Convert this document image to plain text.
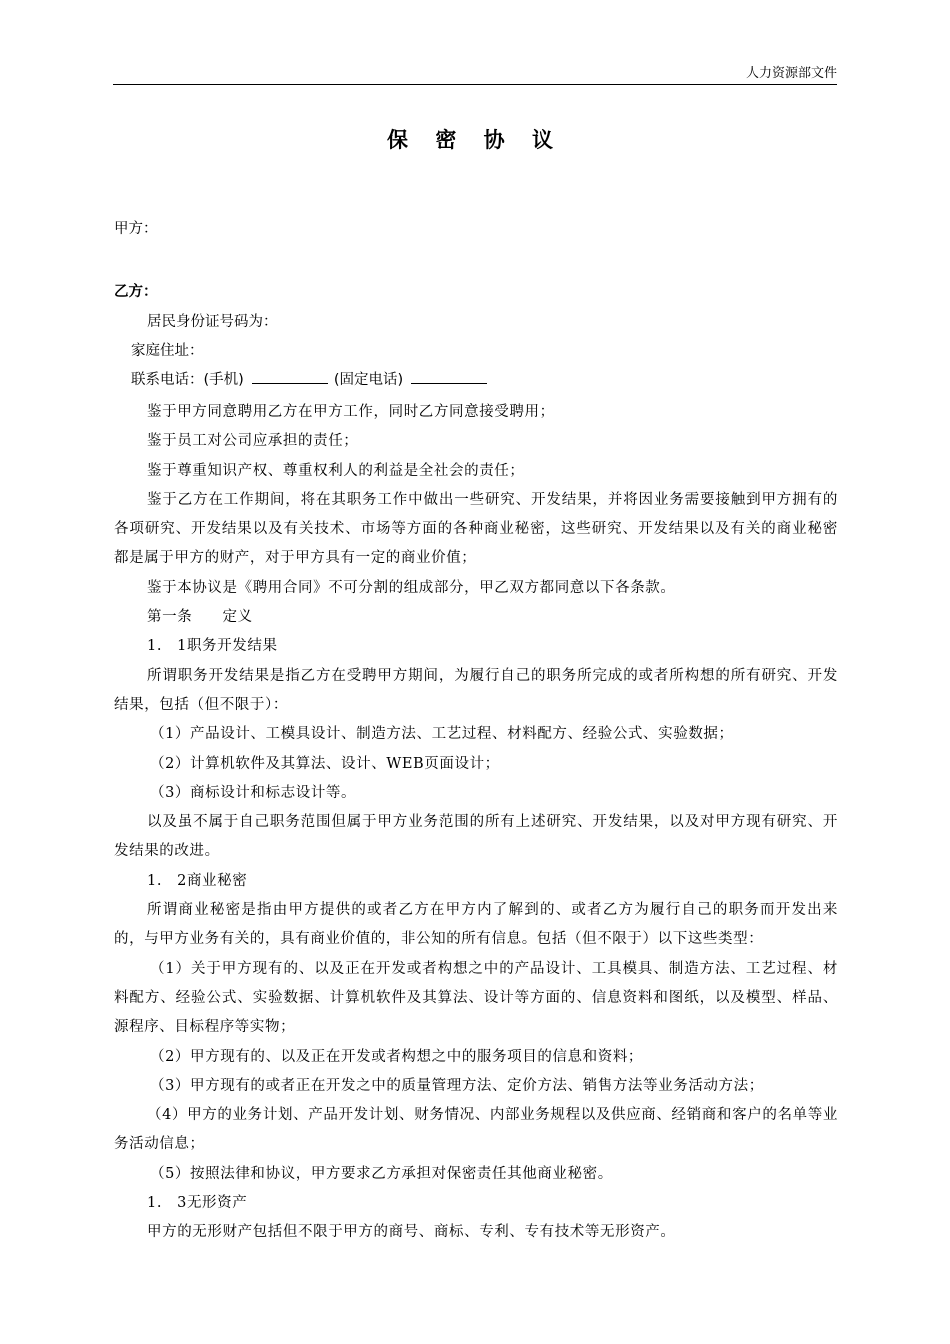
人力资源部文件
保 密 协 议
甲方：
乙方：
居民身份证号码为：
家庭住址：
联系电话：(手机)	(固定电话)

鉴于甲方同意聘用乙方在甲方工作，同时乙方同意接受聘用；

鉴于员工对公司应承担的责任；

鉴于尊重知识产权、尊重权利人的利益是全社会的责任；

鉴于乙方在工作期间，将在其职务工作中做出一些研究、开发结果，并将因业务需要接触到甲方拥有的各项研究、开发结果以及有关技术、市场等方面的各种商业秘密，这些研究、开发结果以及有关的商业秘密都是属于甲方的财产，对于甲方具有一定的商业价值；

鉴于本协议是《聘用合同》不可分割的组成部分，甲乙双方都同意以下各条款。

第一条　　定义

1.　1职务开发结果

所谓职务开发结果是指乙方在受聘甲方期间，为履行自己的职务所完成的或者所构想的所有研究、开发结果，包括（但不限于）：

（1）产品设计、工模具设计、制造方法、工艺过程、材料配方、经验公式、实验数据；

（2）计算机软件及其算法、设计、WEB页面设计；

（3）商标设计和标志设计等。

以及虽不属于自己职务范围但属于甲方业务范围的所有上述研究、开发结果，以及对甲方现有研究、开发结果的改进。

1.　2商业秘密

所谓商业秘密是指由甲方提供的或者乙方在甲方内了解到的、或者乙方为履行自己的职务而开发出来的，与甲方业务有关的，具有商业价值的，非公知的所有信息。包括（但不限于）以下这些类型：

（1）关于甲方现有的、以及正在开发或者构想之中的产品设计、工具模具、制造方法、工艺过程、材料配方、经验公式、实验数据、计算机软件及其算法、设计等方面的、信息资料和图纸，以及模型、样品、源程序、目标程序等实物；

（2）甲方现有的、以及正在开发或者构想之中的服务项目的信息和资料；

（3）甲方现有的或者正在开发之中的质量管理方法、定价方法、销售方法等业务活动方法；

（4）甲方的业务计划、产品开发计划、财务情况、内部业务规程以及供应商、经销商和客户的名单等业务活动信息；

（5）按照法律和协议，甲方要求乙方承担对保密责任其他商业秘密。

1.　3无形资产

甲方的无形财产包括但不限于甲方的商号、商标、专利、专有技术等无形资产。
